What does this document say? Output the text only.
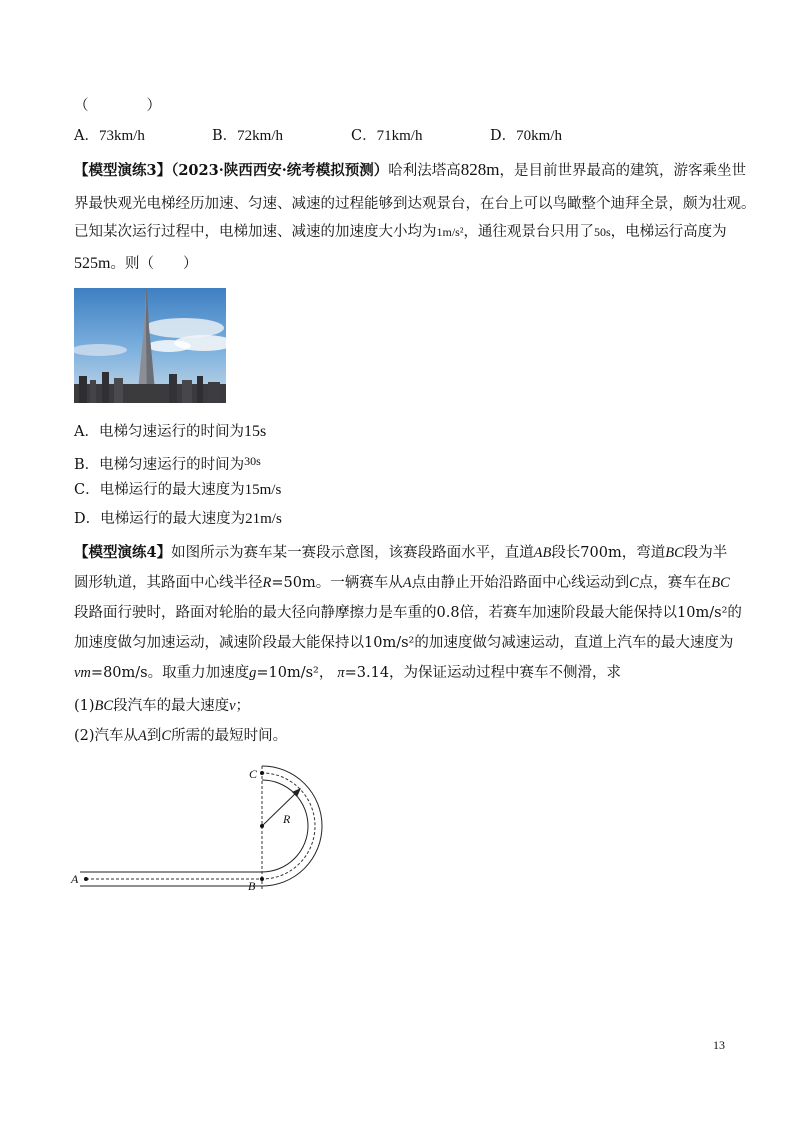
（　　　　）
A．73km/h	B．72km/h	C．71km/h	D．70km/h
【模型演练3】（2023·陕西西安·统考模拟预测）哈利法塔高828m，是目前世界最高的建筑，游客乘坐世
界最快观光电梯经历加速、匀速、减速的过程能够到达观景台，在台上可以鸟瞰整个迪拜全景，颇为壮观。
已知某次运行过程中，电梯加速、减速的加速度大小均为1m/s²，通往观景台只用了50s，电梯运行高度为
525m。则（　　）
A．电梯匀速运行的时间为15s
B．电梯匀速运行的时间为$^{30s}$
C．电梯运行的最大速度为15m/s
D．电梯运行的最大速度为21m/s
【模型演练4】如图所示为赛车某一赛段示意图，该赛段路面水平，直道AB段长700m，弯道BC段为半
圆形轨道，其路面中心线半径R=50m。一辆赛车从A点由静止开始沿路面中心线运动到C点，赛车在BC
段路面行驶时，路面对轮胎的最大径向静摩擦力是车重的0.8倍，若赛车加速阶段最大能保持以10m/s²的
加速度做匀加速运动，减速阶段最大能保持以10m/s²的加速度做匀减速运动，直道上汽车的最大速度为
vm=80m/s。取重力加速度g=10m/s²， π=3.14，为保证运动过程中赛车不侧滑，求
(1)BC段汽车的最大速度v；
(2)汽车从A到C所需的最短时间。
A	B
C
R
13
